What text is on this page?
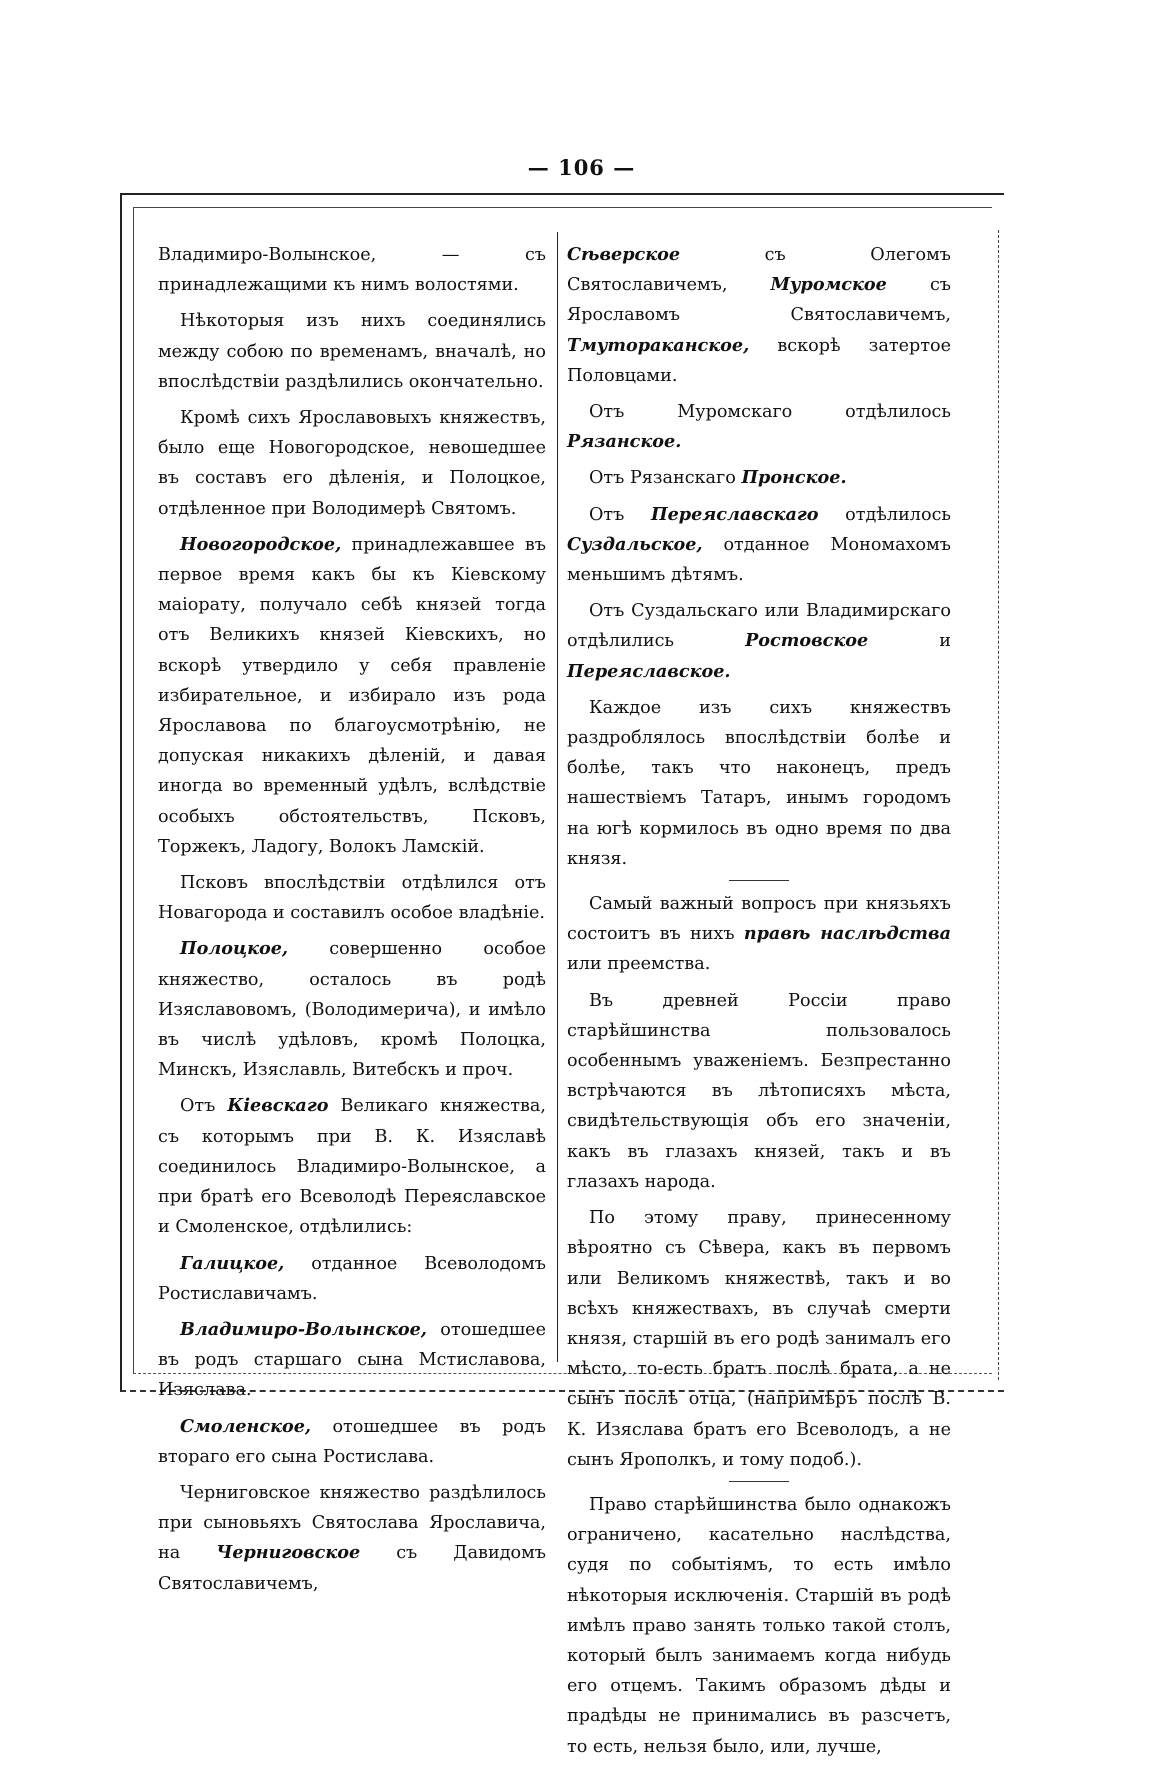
— 106 —

Владимиро-Волынское, — съ принадлежащими къ нимъ волостями.

Нѣкоторыя изъ нихъ соединялись между собою по временамъ, вначалѣ, но впослѣдствіи раздѣлились окончательно.

Кромѣ сихъ Ярославовыхъ княжествъ, было еще Новогородское, невошедшее въ составъ его дѣленія, и Полоцкое, отдѣленное при Володимерѣ Святомъ.

Новогородское, принадлежавшее въ первое время какъ бы къ Кіевскому маіорату, получало себѣ князей тогда отъ Великихъ князей Кіевскихъ, но вскорѣ утвердило у себя правленіе избирательное, и избирало изъ рода Ярославова по благоусмотрѣнію, не допуская никакихъ дѣленій, и давая иногда во временный удѣлъ, вслѣдствіе особыхъ обстоятельствъ, Псковъ, Торжекъ, Ладогу, Волокъ Ламскій.

Псковъ впослѣдствіи отдѣлился отъ Новагорода и составилъ особое владѣніе.

Полоцкое, совершенно особое княжество, осталось въ родѣ Изяславовомъ, (Володимерича), и имѣло въ числѣ удѣловъ, кромѣ Полоцка, Минскъ, Изяславль, Витебскъ и проч.

Отъ Кіевскаго Великаго княжества, съ которымъ при В. К. Изяславѣ соединилось Владимиро-Волынское, а при братѣ его Всеволодѣ Переяславское и Смоленское, отдѣлились:

Галицкое, отданное Всеволодомъ Ростиславичамъ.

Владимиро-Волынское, отошедшее въ родъ старшаго сына Мстиславова, Изяслава.

Смоленское, отошедшее въ родъ втораго его сына Ростислава.

Черниговское княжество раздѣлилось при сыновьяхъ Святослава Ярославича, на Черниговское съ Давидомъ Святославичемъ,

Сѣверское съ Олегомъ Святославичемъ, Муромское съ Ярославомъ Святославичемъ, Тмутораканское, вскорѣ затертое Половцами.

Отъ Муромскаго отдѣлилось Рязанское.

Отъ Рязанскаго Пронское.

Отъ Переяславскаго отдѣлилось Суздальское, отданное Мономахомъ меньшимъ дѣтямъ.

Отъ Суздальскаго или Владимирскаго отдѣлились Ростовское и Переяславское.

Каждое изъ сихъ княжествъ раздроблялось впослѣдствіи болѣе и болѣе, такъ что наконецъ, предъ нашествіемъ Татаръ, инымъ городомъ на югѣ кормилось въ одно время по два князя.

Самый важный вопросъ при князьяхъ состоитъ въ нихъ правѣ наслѣдства или преемства.

Въ древней Россіи право старѣйшинства пользовалось особеннымъ уваженіемъ. Безпрестанно встрѣчаются въ лѣтописяхъ мѣста, свидѣтельствующія объ его значеніи, какъ въ глазахъ князей, такъ и въ глазахъ народа.

По этому праву, принесенному вѣроятно съ Сѣвера, какъ въ первомъ или Великомъ княжествѣ, такъ и во всѣхъ княжествахъ, въ случаѣ смерти князя, старшій въ его родѣ занималъ его мѣсто, то-есть братъ послѣ брата, а не сынъ послѣ отца, (напримѣръ послѣ В. К. Изяслава братъ его Всеволодъ, а не сынъ Ярополкъ, и тому подоб.).

Право старѣйшинства было однакожъ ограничено, касательно наслѣдства, судя по событіямъ, то есть имѣло нѣкоторыя исключенія. Старшій въ родѣ имѣлъ право занять только такой столъ, который былъ занимаемъ когда нибудь его отцемъ. Такимъ образомъ дѣды и прадѣды не принимались въ разсчетъ, то есть, нельзя было, или, лучше,
